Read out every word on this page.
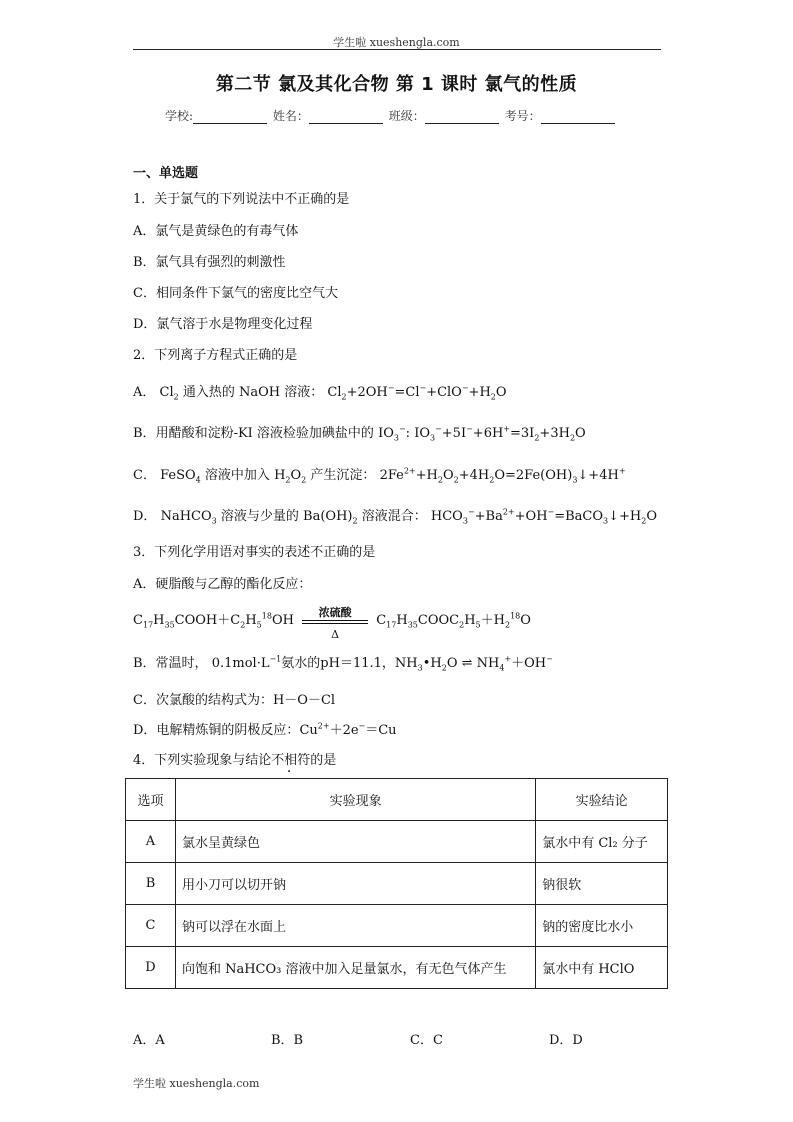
学生啦 xueshengla.com
第二节 氯及其化合物 第 1 课时 氯气的性质
学校:	姓名：	班级：	考号：
一、单选题
1．关于氯气的下列说法中不正确的是
A．氯气是黄绿色的有毒气体
B．氯气具有强烈的刺激性
C．相同条件下氯气的密度比空气大
D．氯气溶于水是物理变化过程
2．下列离子方程式正确的是
A． $Cl_2$ 通入热的 NaOH 溶液： $Cl_2+2OH^-=Cl^-+ClO^-+H_2O$
B．用醋酸和淀粉-KI 溶液检验加碘盐中的 $IO_3^-$: $IO_3^-+5I^-+6H^+=3I_2+3H_2O$
C． FeSO$_4$ 溶液中加入 $H_2O_2$ 产生沉淀： $2Fe^{2+}+H_2O_2+4H_2O=2Fe(OH)_3↓+4H^+$
D． NaHCO$_3$ 溶液与少量的 $Ba(OH)_2$ 溶液混合： $HCO_3^-+Ba^{2+}+OH^-=BaCO_3↓+H_2O$
3．下列化学用语对事实的表述不正确的是
A．硬脂酸与乙醇的酯化反应：
$C_{17}H_{35}COOH+C_2H_5^{18}OH$
浓硫酸
Δ
$C_{17}H_{35}COOC_2H_5+H_2^{18}O$
B．常温时， $0.1mol\cdot L^{-1}$氨水的pH＝11.1，$NH_3•H_2O$ ⇌ $NH_4^++OH^-$
C．次氯酸的结构式为：H－O－Cl
D．电解精炼铜的阴极反应：$Cu^{2+}+2e^-=Cu$
4．下列实验现象与结论不相符的是
选项	实验现象	实验结论
A	氯水呈黄绿色	氯水中有 Cl₂ 分子
B	用小刀可以切开钠	钠很软
C	钠可以浮在水面上	钠的密度比水小
D	向饱和 NaHCO₃ 溶液中加入足量氯水，有无色气体产生	氯水中有 HClO
A．A	B．B	C．C	D．D
学生啦 xueshengla.com
